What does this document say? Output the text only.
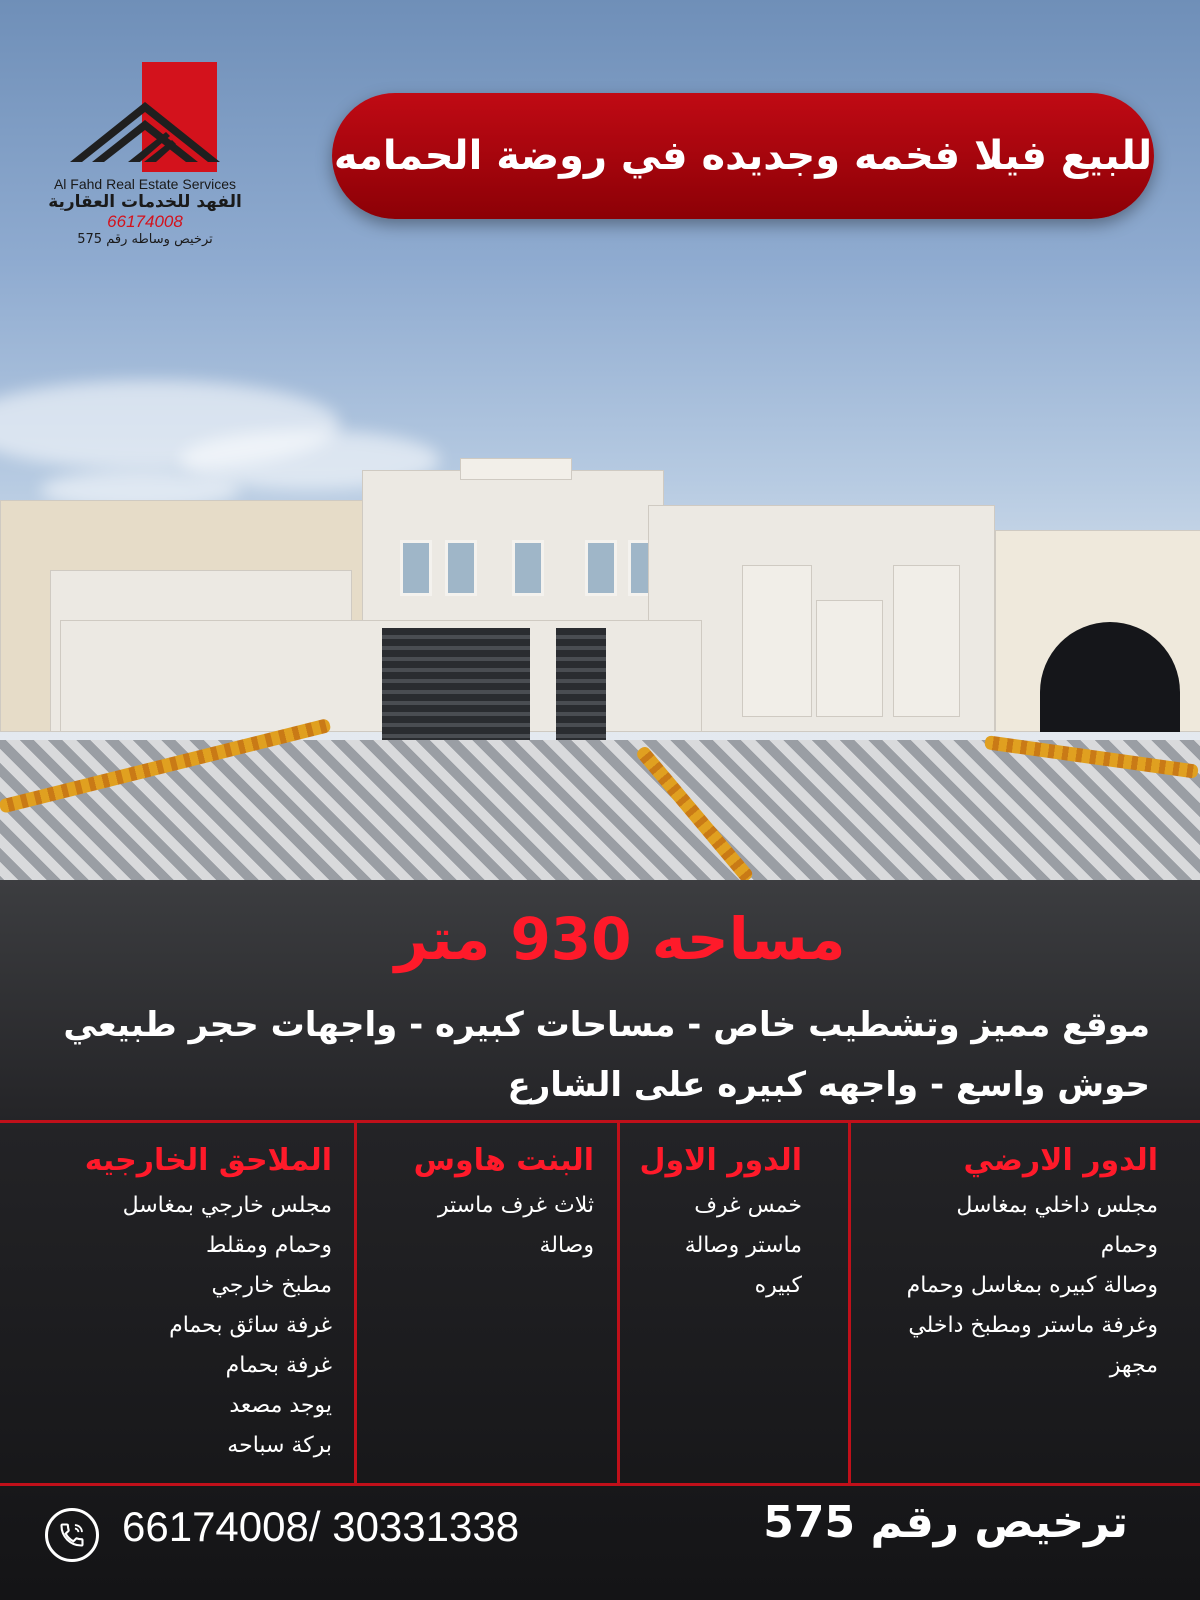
Al Fahd Real Estate Services
الفهد للخدمات العقارية
66174008
ترخيص وساطه رقم 575
للبيع فيلا فخمه وجديده في روضة الحمامه
مساحه 930 متر
موقع مميز وتشطيب خاص - مساحات كبيره - واجهات حجر طبيعي
حوش واسع - واجهه كبيره على الشارع
الدور الارضي
مجلس داخلي بمغاسل
وحمام
وصالة كبيره بمغاسل وحمام
وغرفة ماستر ومطبخ داخلي
مجهز
الدور الاول
خمس غرف
ماستر وصالة
كبيره
البنت هاوس
ثلاث غرف ماستر
وصالة
الملاحق الخارجيه
مجلس خارجي بمغاسل
وحمام ومقلط
مطبخ خارجي
غرفة سائق بحمام
غرفة بحمام
يوجد مصعد
بركة سباحه
66174008/ 30331338	ترخيص رقم 575
